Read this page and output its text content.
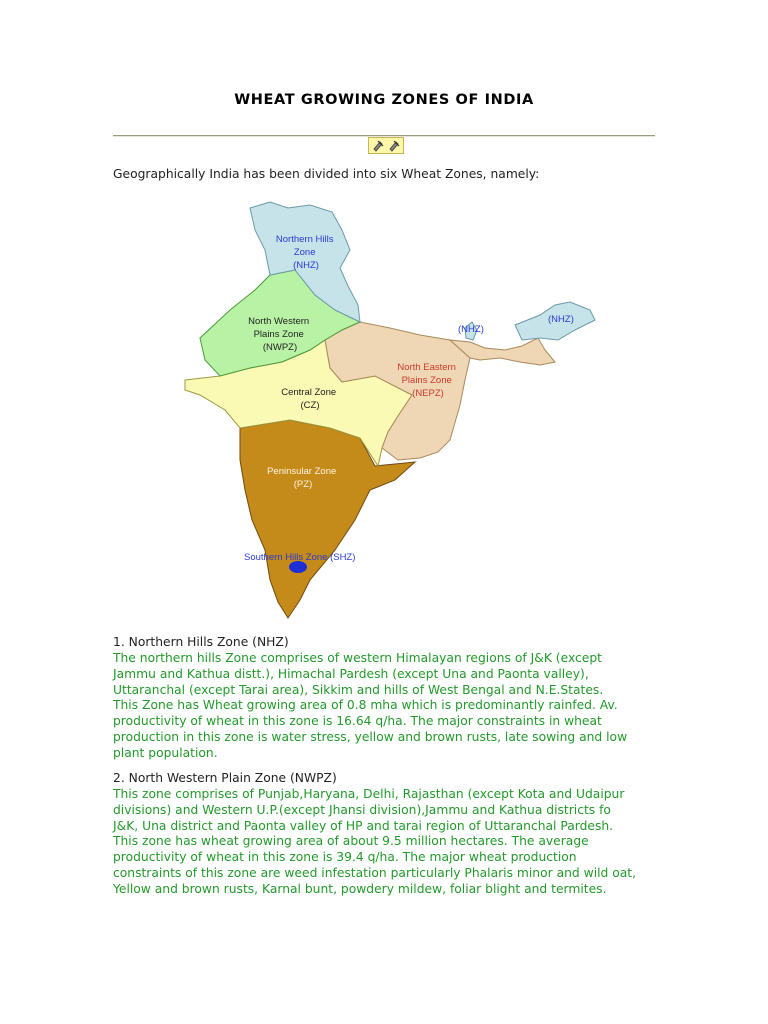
WHEAT GROWING ZONES OF INDIA
Geographically India has been divided into six Wheat Zones, namely:
Northern Hills Zone (NHZ)
North Western Plains Zone (NWPZ)
Central Zone (CZ)
North Eastern Plains Zone (NEPZ)
Peninsular Zone (PZ)
(NHZ)
(NHZ)
Southern Hills Zone (SHZ)
1. Northern Hills Zone (NHZ)
The northern hills Zone comprises of western Himalayan regions of J&K (except
Jammu and Kathua distt.), Himachal Pardesh (except Una and Paonta valley),
Uttaranchal (except Tarai area), Sikkim and hills of West Bengal and N.E.States.
This Zone has Wheat growing area of 0.8 mha which is predominantly rainfed. Av.
productivity of wheat in this zone is 16.64 q/ha. The major constraints in wheat
production in this zone is water stress, yellow and brown rusts, late sowing and low
plant population.
2. North Western Plain Zone (NWPZ)
This zone comprises of Punjab,Haryana, Delhi, Rajasthan (except Kota and Udaipur
divisions) and Western U.P.(except Jhansi division),Jammu and Kathua districts fo
J&K, Una district and Paonta valley of HP and tarai region of Uttaranchal Pardesh.
This zone has wheat growing area of about 9.5 million hectares. The average
productivity of wheat in this zone is 39.4 q/ha. The major wheat production
constraints of this zone are weed infestation particularly Phalaris minor and wild oat,
Yellow and brown rusts, Karnal bunt, powdery mildew, foliar blight and termites.
